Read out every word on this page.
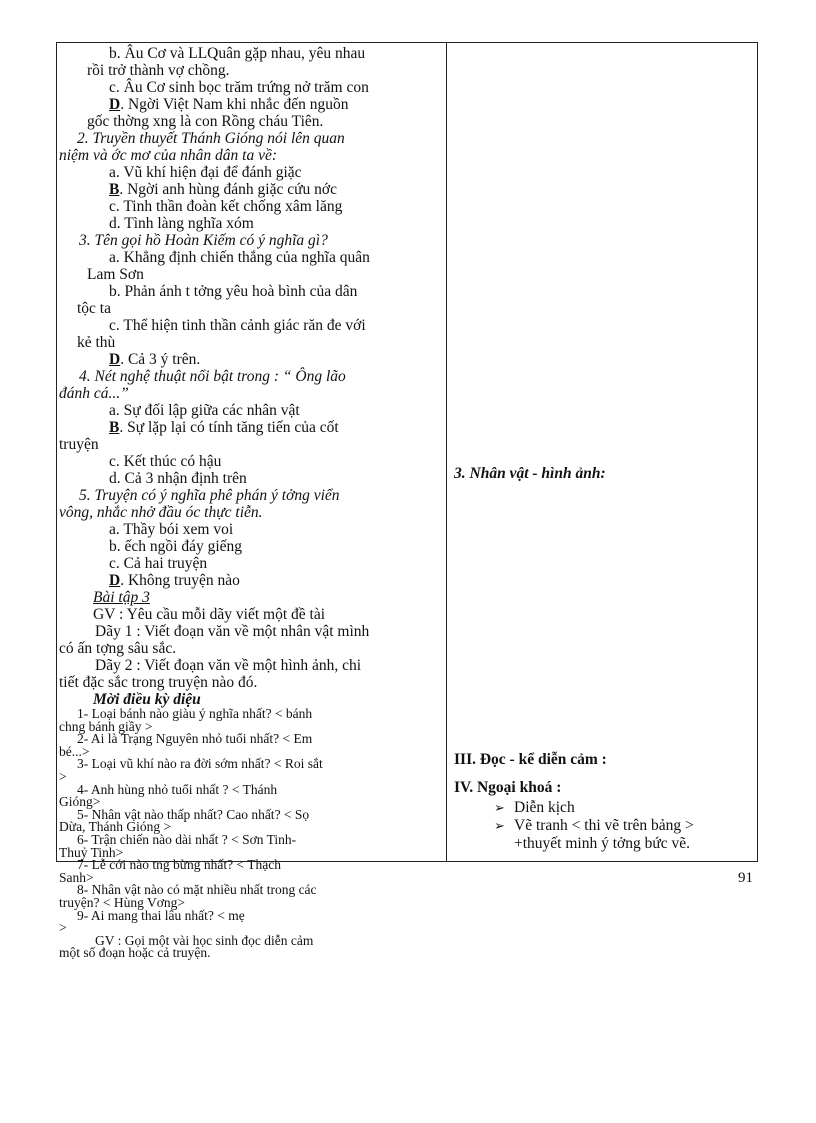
b. Âu Cơ và LLQuân gặp nhau, yêu nhau
rồi trở thành vợ chồng.
c. Âu Cơ sinh bọc trăm trứng nở trăm con
D. Ngời Việt Nam khi nhắc đến nguồn
gốc thờng xng là con Rồng cháu Tiên.
2. Truyền thuyết Thánh Gióng nói lên quan
niệm và ớc mơ của nhân dân ta về:
a. Vũ khí hiện đại để đánh giặc
B. Ngời anh hùng đánh giặc cứu nớc
c. Tinh thần đoàn kết chống xâm lăng
d. Tình làng nghĩa xóm
3. Tên gọi hồ Hoàn Kiếm có ý nghĩa gì?
a. Khẳng định chiến thắng của nghĩa quân
Lam Sơn
b. Phản ánh t tởng yêu hoà bình của dân
tộc ta
c. Thể hiện tinh thần cảnh giác răn đe với
kẻ thù
D. Cả 3 ý trên.
4. Nét nghệ thuật nổi bật trong : “ Ông lão
đánh cá...”
a. Sự đối lập giữa các nhân vật
B. Sự lặp lại có tính tăng tiến của cốt
truyện
c. Kết thúc có hậu
d. Cả 3 nhận định trên
5. Truyện có ý nghĩa phê phán ý tởng viển
vông, nhắc nhở đầu óc thực tiễn.
a. Thầy bói xem voi
b. ếch ngồi đáy giếng
c. Cả hai truyện
D. Không truyện nào
Bài tập 3
GV : Yêu cầu mỗi dãy viết một đề tài
Dãy 1 : Viết đoạn văn về một nhân vật mình
có ấn tợng sâu sắc.
Dãy 2 : Viết đoạn văn về một hình ảnh, chi
tiết đặc sắc trong truyện nào đó.
Mời điều kỳ diệu
1- Loại bánh nào giàu ý nghĩa nhất? < bánh
chng bánh giầy >
2- Ai là Trạng Nguyên nhỏ tuổi nhất? < Em
bé...>
3- Loại vũ khí nào ra đời sớm nhất? < Roi sắt
>
4- Anh hùng nhỏ tuổi nhất ? < Thánh
Gióng>
5- Nhân vật nào thấp nhất? Cao nhất? < Sọ
Dừa, Thánh Gióng >
6- Trận chiến nào dài nhất ? < Sơn Tinh-
Thuỷ Tinh>
7- Lễ cới nào tng bừng nhất? < Thạch
Sanh>
8- Nhân vật nào có mặt nhiều nhất trong các
truyện? < Hùng Vơng>
9- Ai mang thai lâu nhất? < mẹ
>
GV : Gọi một vài học sinh đọc diễn cảm
một số đoạn hoặc cả truyện.
3. Nhân vật - hình ảnh:
III. Đọc - kể diễn cảm :
IV. Ngoại khoá :
➢ Diễn kịch
➢ Vẽ tranh < thi vẽ trên bảng >
+thuyết minh ý tởng bức vẽ.
91
